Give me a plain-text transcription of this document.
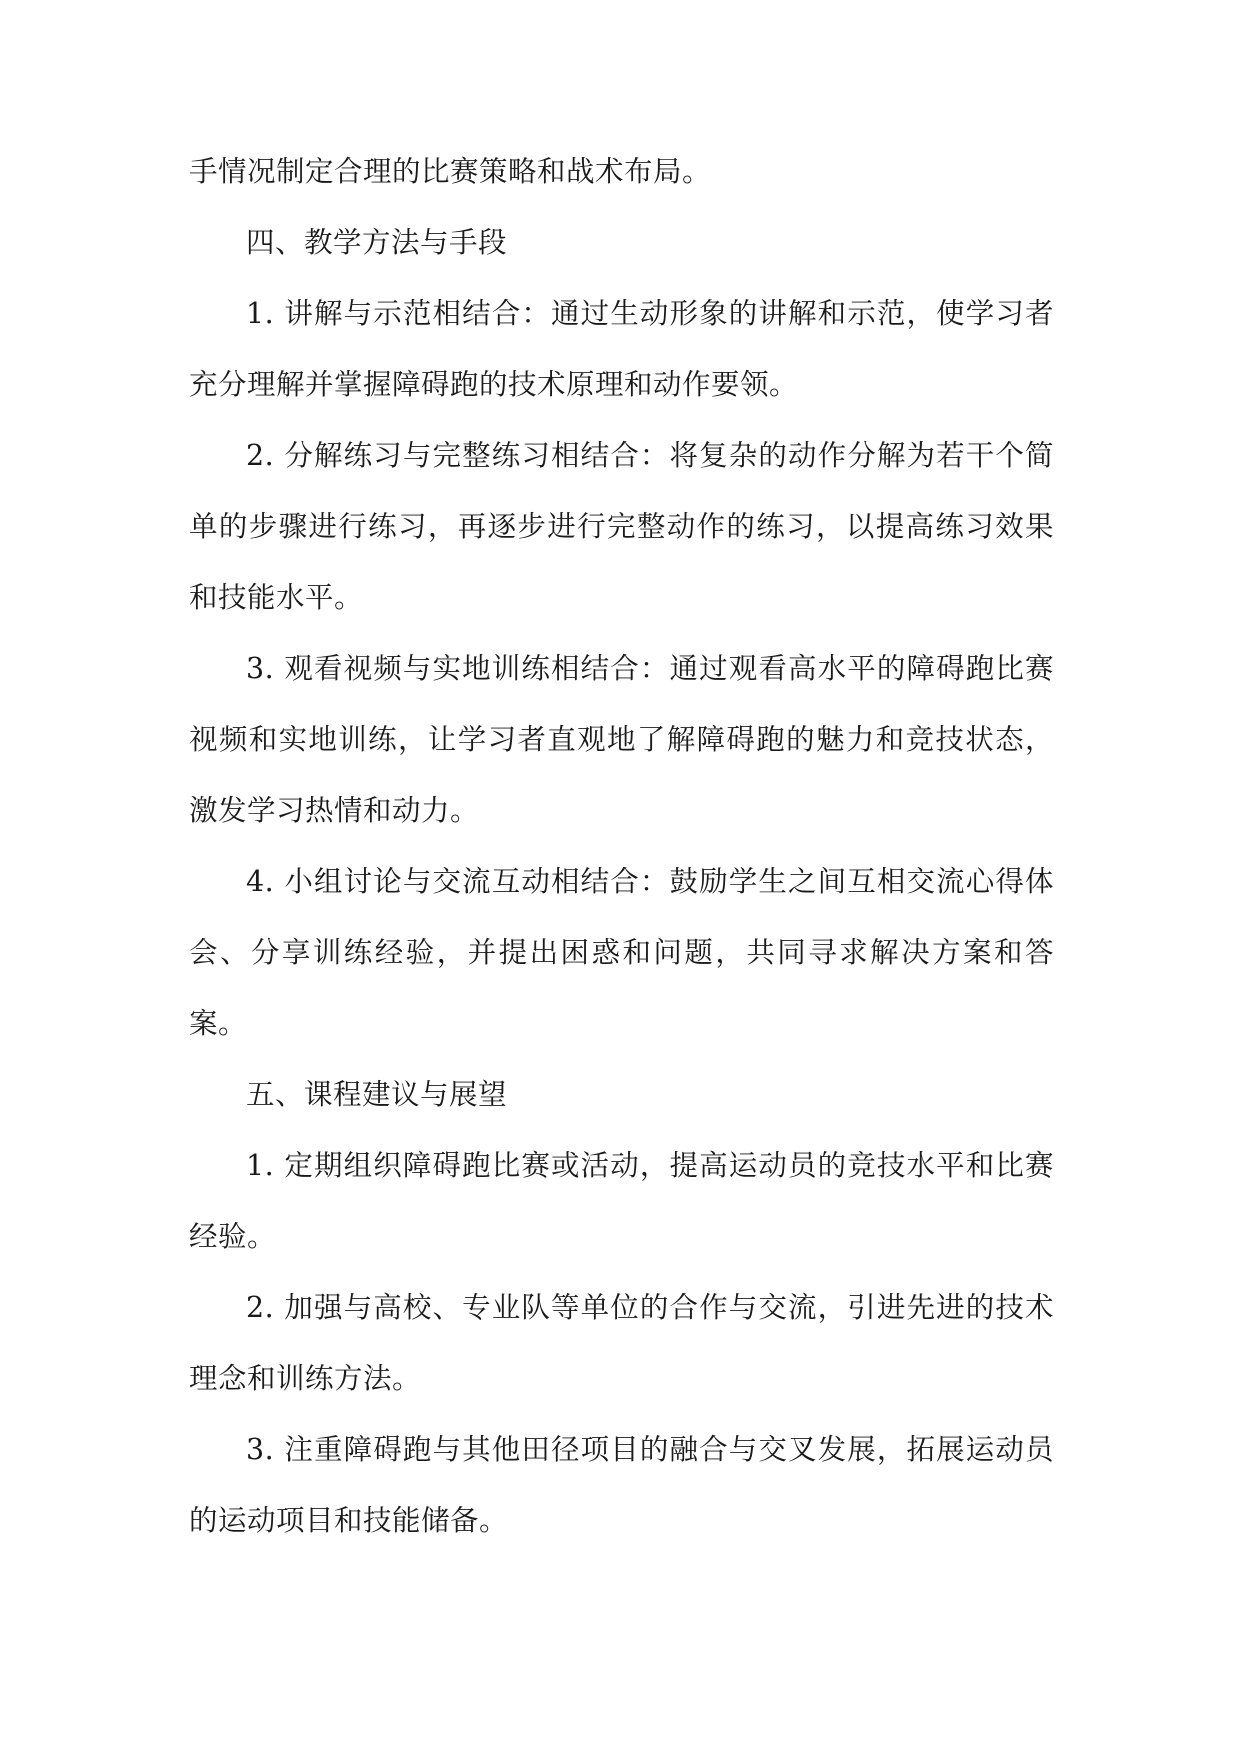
手情况制定合理的比赛策略和战术布局。

四、教学方法与手段

1. 讲解与示范相结合：通过生动形象的讲解和示范，使学习者充分理解并掌握障碍跑的技术原理和动作要领。

2. 分解练习与完整练习相结合：将复杂的动作分解为若干个简单的步骤进行练习，再逐步进行完整动作的练习，以提高练习效果和技能水平。

3. 观看视频与实地训练相结合：通过观看高水平的障碍跑比赛视频和实地训练，让学习者直观地了解障碍跑的魅力和竞技状态，激发学习热情和动力。

4. 小组讨论与交流互动相结合：鼓励学生之间互相交流心得体会、分享训练经验，并提出困惑和问题，共同寻求解决方案和答案。

五、课程建议与展望

1. 定期组织障碍跑比赛或活动，提高运动员的竞技水平和比赛经验。

2. 加强与高校、专业队等单位的合作与交流，引进先进的技术理念和训练方法。

3. 注重障碍跑与其他田径项目的融合与交叉发展，拓展运动员的运动项目和技能储备。
